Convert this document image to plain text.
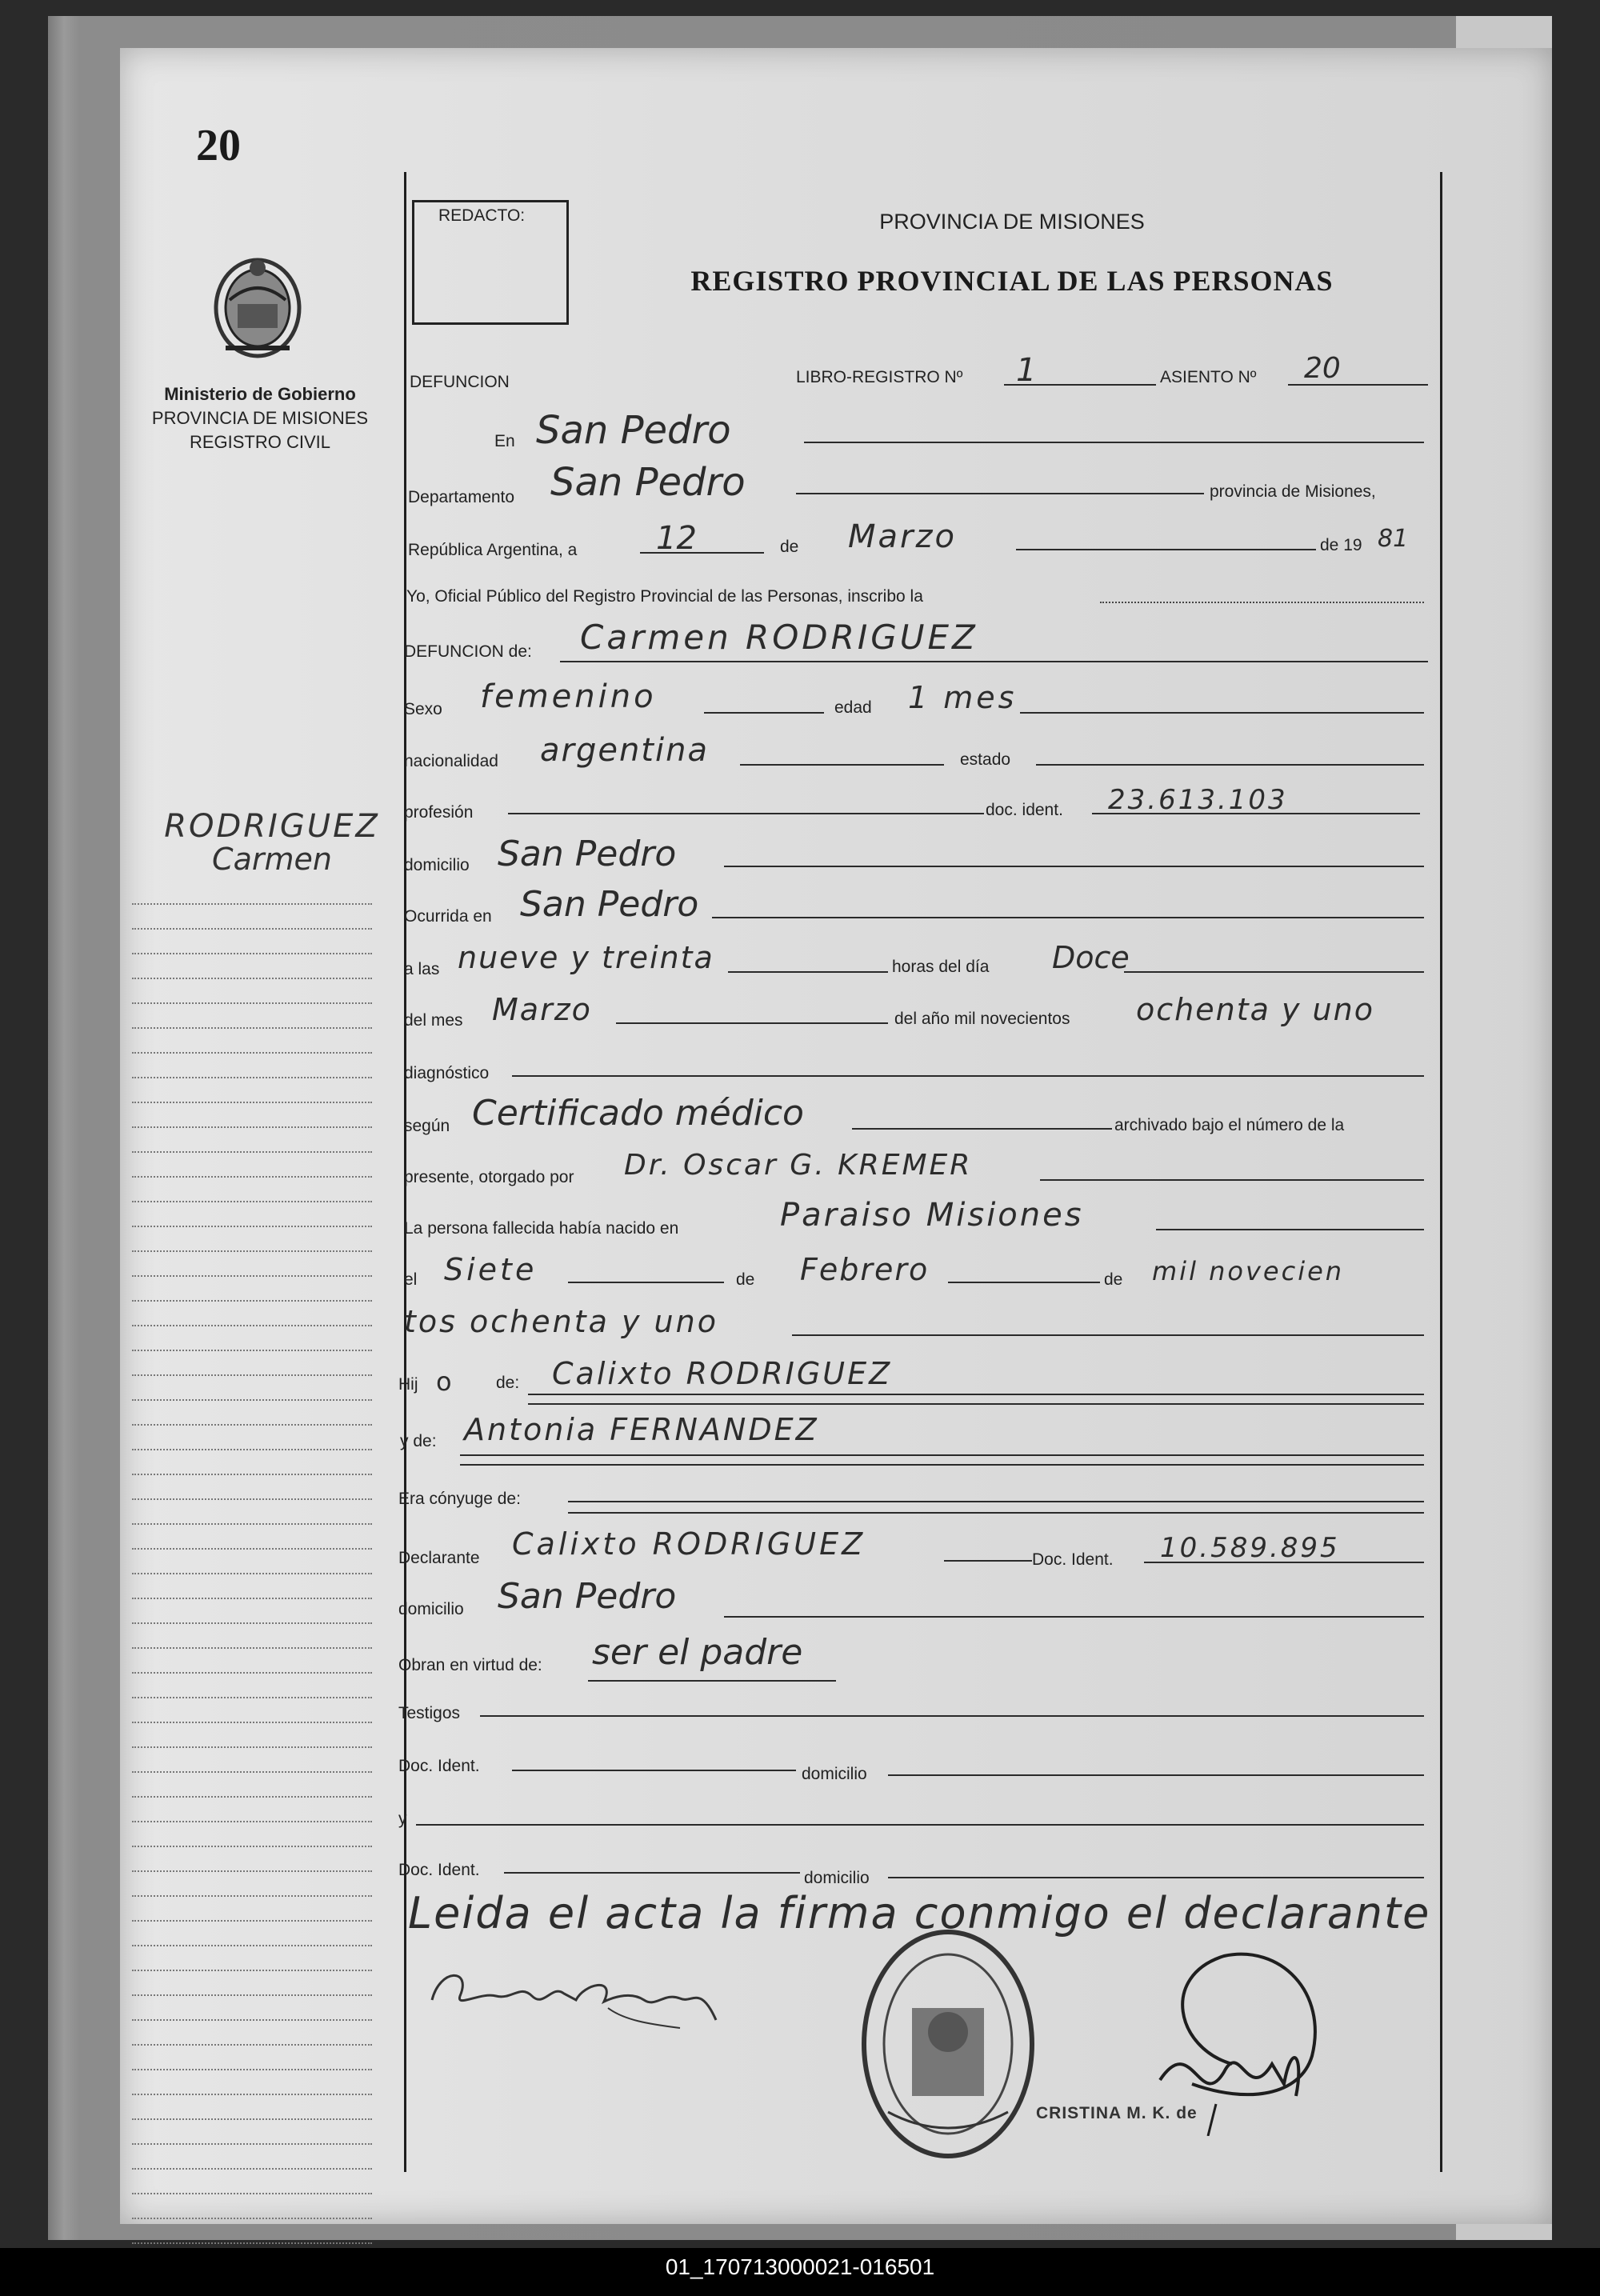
20
Ministerio de Gobierno
PROVINCIA DE MISIONES
REGISTRO CIVIL
RODRIGUEZ
Carmen
REDACTO:	PROVINCIA DE MISIONES
REGISTRO PROVINCIAL DE LAS PERSONAS
DEFUNCION	LIBRO-REGISTRO Nº 1	ASIENTO Nº 20
En San Pedro
Departamento San Pedro	provincia de Misiones,
República Argentina, a 12	de Marzo	de 19 81
Yo, Oficial Público del Registro Provincial de las Personas, inscribo la
DEFUNCION de: Carmen RODRIGUEZ
Sexo femenino	edad 1 mes
nacionalidad argentina	estado
profesión	doc. ident. 23.613.103
domicilio San Pedro
Ocurrida en San Pedro
a las nueve y treinta	horas del día Doce
del mes Marzo	del año mil novecientos ochenta y uno
diagnóstico
según Certificado médico	archivado bajo el número de la
presente, otorgado por Dr. Oscar G. KREMER
La persona fallecida había nacido en	Paraiso Misiones
el Siete	de Febrero	de mil novecien
tos ochenta y uno
Hij o	de: Calixto RODRIGUEZ
y de: Antonia FERNANDEZ
Era cónyuge de:
Declarante Calixto RODRIGUEZ	Doc. Ident. 10.589.895
domicilio San Pedro
Obran en virtud de: ser el padre
Testigos
Doc. Ident.	domicilio
y
Doc. Ident.	domicilio
Leida el acta la firma conmigo el declarante
CRISTINA M. K. de
01_170713000021-016501
